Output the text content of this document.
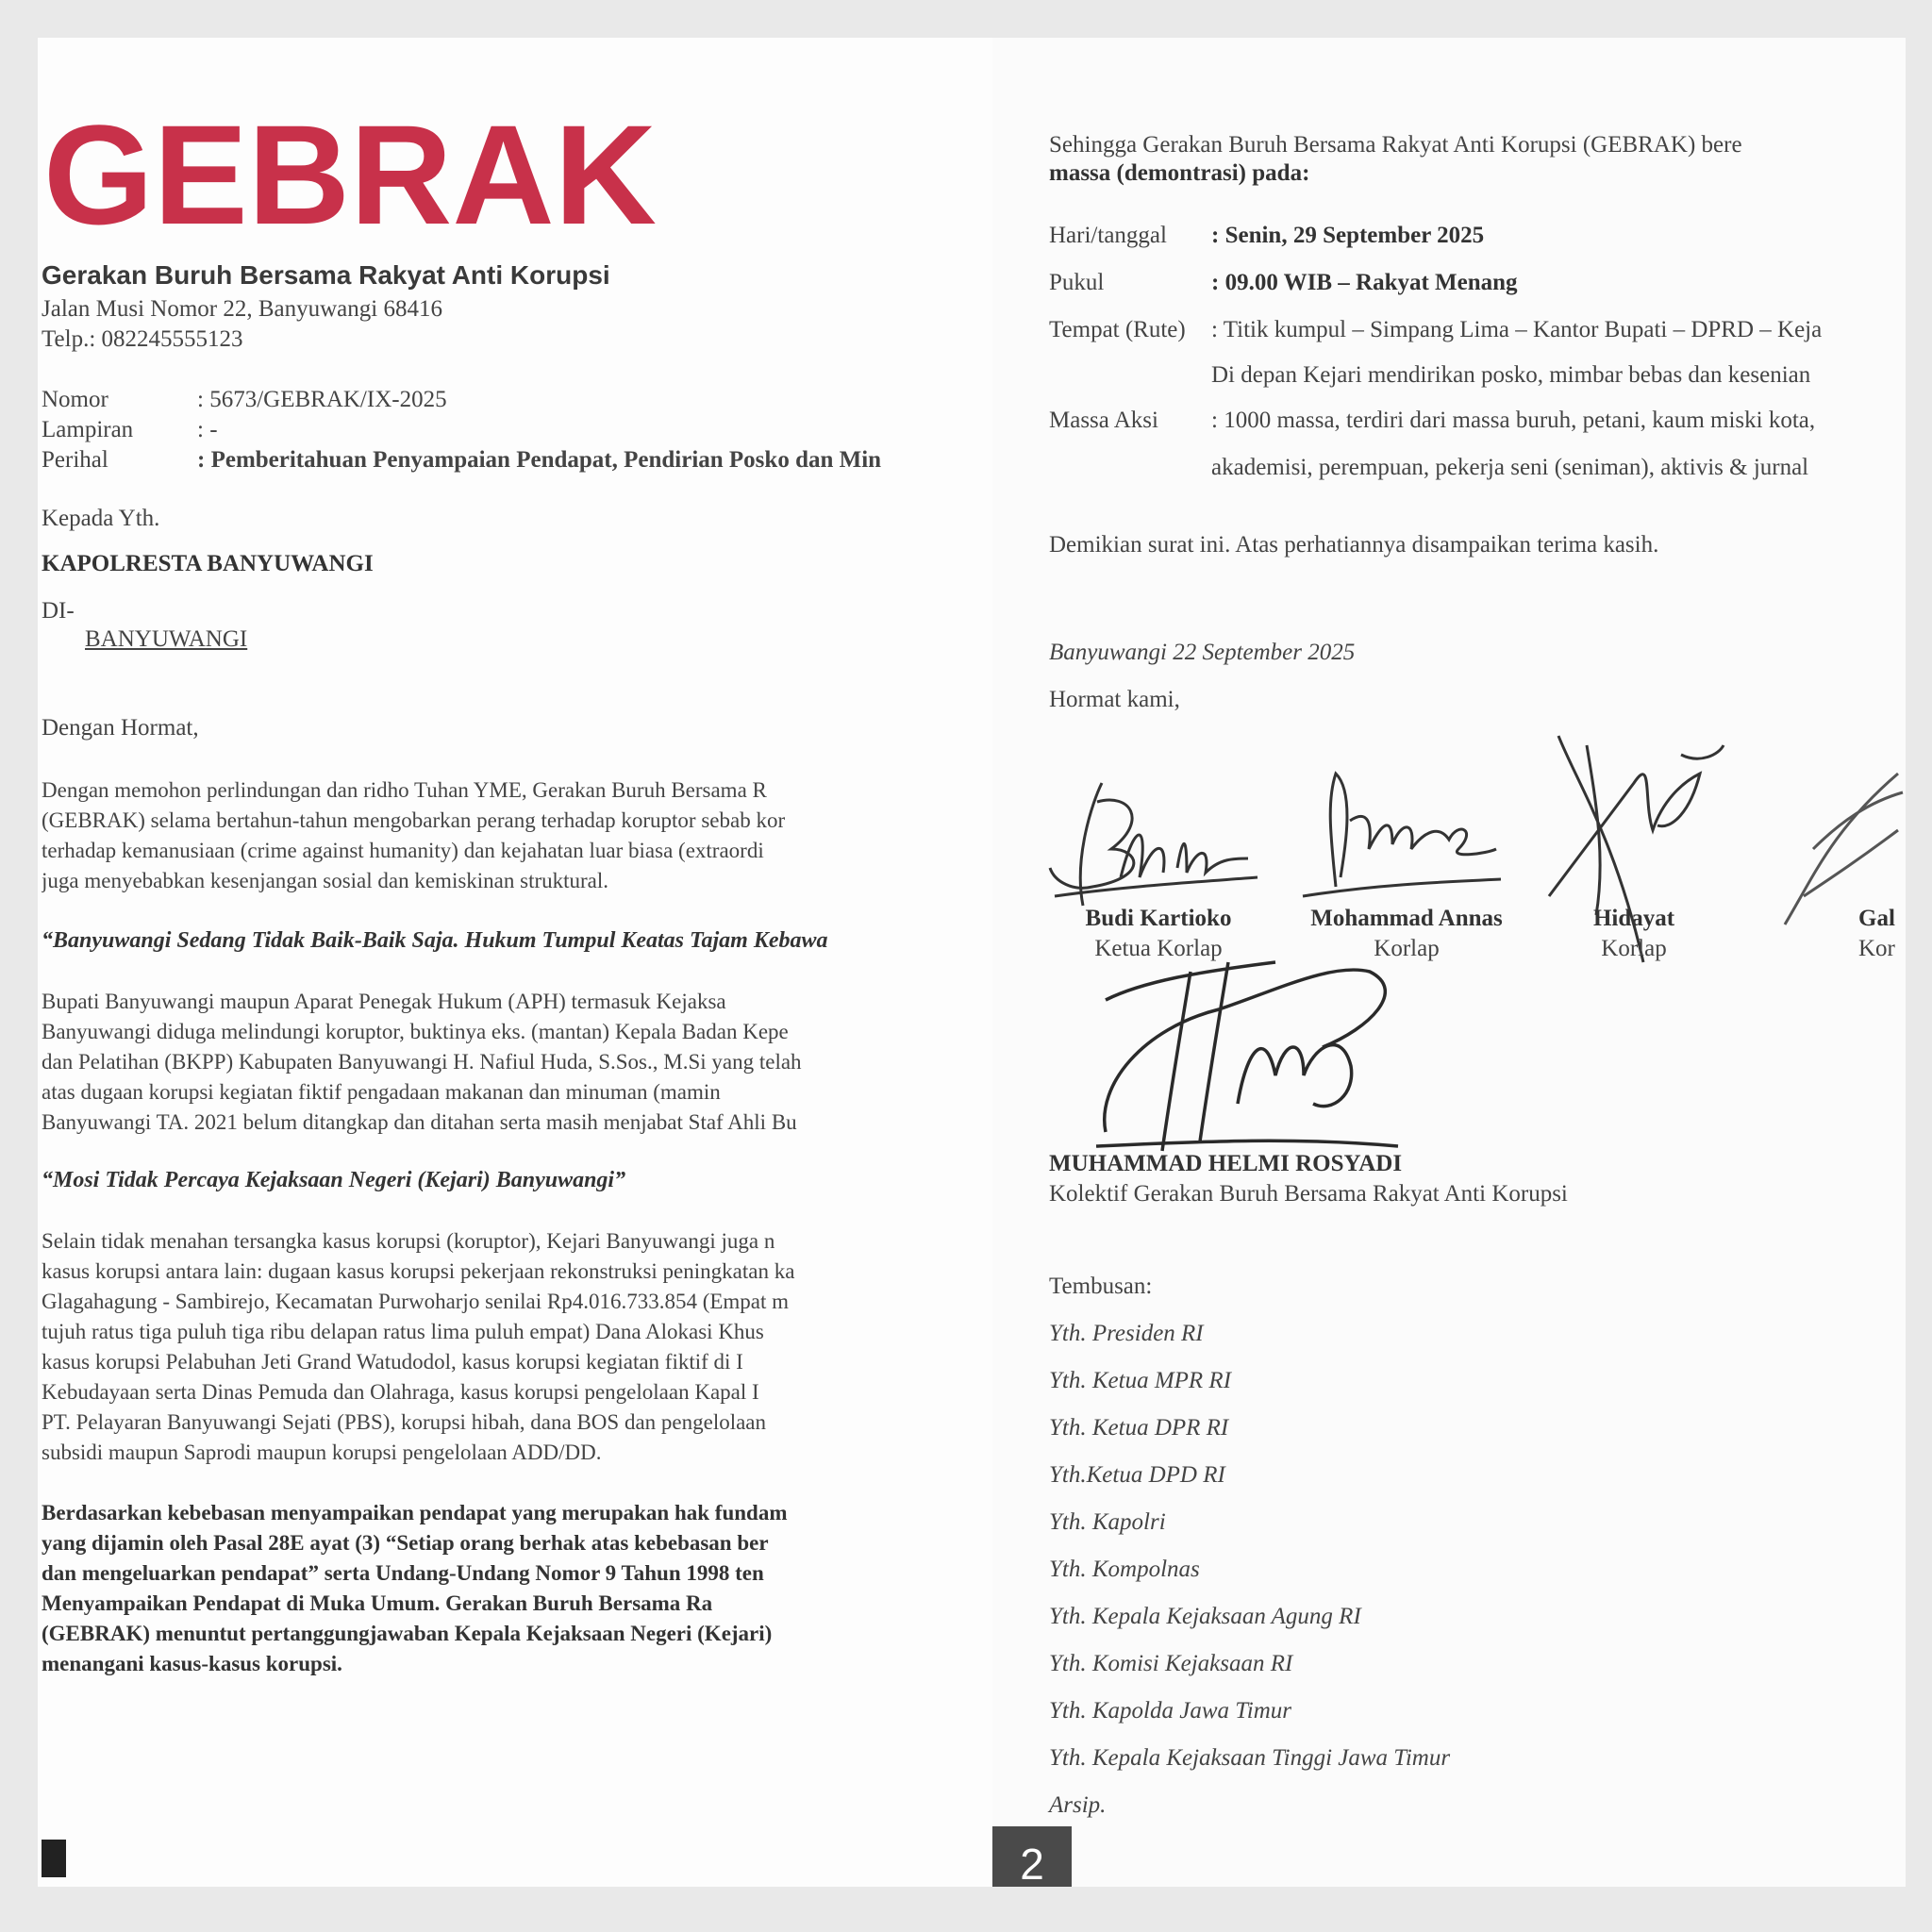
GEBRAK
Gerakan Buruh Bersama Rakyat Anti Korupsi
Jalan Musi Nomor 22, Banyuwangi 68416
Telp.: 082245555123
Nomor	: 5673/GEBRAK/IX-2025
Lampiran	: -
Perihal	: Pemberitahuan Penyampaian Pendapat, Pendirian Posko dan Min
Kepada Yth.
KAPOLRESTA BANYUWANGI
DI-
BANYUWANGI
Dengan Hormat,
Dengan memohon perlindungan dan ridho Tuhan YME, Gerakan Buruh Bersama R
(GEBRAK) selama bertahun-tahun mengobarkan perang terhadap koruptor sebab kor
terhadap kemanusiaan (crime against humanity) dan kejahatan luar biasa (extraordi
juga menyebabkan kesenjangan sosial dan kemiskinan struktural.
“Banyuwangi Sedang Tidak Baik-Baik Saja. Hukum Tumpul Keatas Tajam Kebawa
Bupati Banyuwangi maupun Aparat Penegak Hukum (APH) termasuk Kejaksa
Banyuwangi diduga melindungi koruptor, buktinya eks. (mantan) Kepala Badan Kepe
dan Pelatihan (BKPP) Kabupaten Banyuwangi H. Nafiul Huda, S.Sos., M.Si yang telah
atas dugaan korupsi kegiatan fiktif pengadaan makanan dan minuman (mamin
Banyuwangi TA. 2021 belum ditangkap dan ditahan serta masih menjabat Staf Ahli Bu
“Mosi Tidak Percaya Kejaksaan Negeri (Kejari) Banyuwangi”
Selain tidak menahan tersangka kasus korupsi (koruptor), Kejari Banyuwangi juga n
kasus korupsi antara lain: dugaan kasus korupsi pekerjaan rekonstruksi peningkatan ka
Glagahagung - Sambirejo, Kecamatan Purwoharjo senilai Rp4.016.733.854 (Empat m
tujuh ratus tiga puluh tiga ribu delapan ratus lima puluh empat) Dana Alokasi Khus
kasus korupsi Pelabuhan Jeti Grand Watudodol, kasus korupsi kegiatan fiktif di I
Kebudayaan serta Dinas Pemuda dan Olahraga, kasus korupsi pengelolaan Kapal I
PT. Pelayaran Banyuwangi Sejati (PBS), korupsi hibah, dana BOS dan pengelolaan
subsidi maupun Saprodi maupun korupsi pengelolaan ADD/DD.
Berdasarkan kebebasan menyampaikan pendapat yang merupakan hak fundam
yang dijamin oleh Pasal 28E ayat (3) “Setiap orang berhak atas kebebasan ber
dan mengeluarkan pendapat” serta Undang-Undang Nomor 9 Tahun 1998 ten
Menyampaikan Pendapat di Muka Umum. Gerakan Buruh Bersama Ra
(GEBRAK) menuntut pertanggungjawaban Kepala Kejaksaan Negeri (Kejari)
menangani kasus-kasus korupsi.
Sehingga Gerakan Buruh Bersama Rakyat Anti Korupsi (GEBRAK) bere
massa (demontrasi) pada:
Hari/tanggal : Senin, 29 September 2025
Pukul	: 09.00 WIB – Rakyat Menang
Tempat (Rute) : Titik kumpul – Simpang Lima – Kantor Bupati – DPRD – Keja
Di depan Kejari mendirikan posko, mimbar bebas dan kesenian
Massa Aksi : 1000 massa, terdiri dari massa buruh, petani, kaum miski kota,
akademisi, perempuan, pekerja seni (seniman), aktivis & jurnal
Demikian surat ini. Atas perhatiannya disampaikan terima kasih.
Banyuwangi 22 September 2025
Hormat kami,
Budi Kartioko
Ketua Korlap
Mohammad Annas
Korlap
Hidayat
Korlap
Gal
Kor
MUHAMMAD HELMI ROSYADI
Kolektif Gerakan Buruh Bersama Rakyat Anti Korupsi
Tembusan:
Yth. Presiden RI
Yth. Ketua MPR RI
Yth. Ketua DPR RI
Yth.Ketua DPD RI
Yth. Kapolri
Yth. Kompolnas
Yth. Kepala Kejaksaan Agung RI
Yth. Komisi Kejaksaan RI
Yth. Kapolda Jawa Timur
Yth. Kepala Kejaksaan Tinggi Jawa Timur
Arsip.
2
